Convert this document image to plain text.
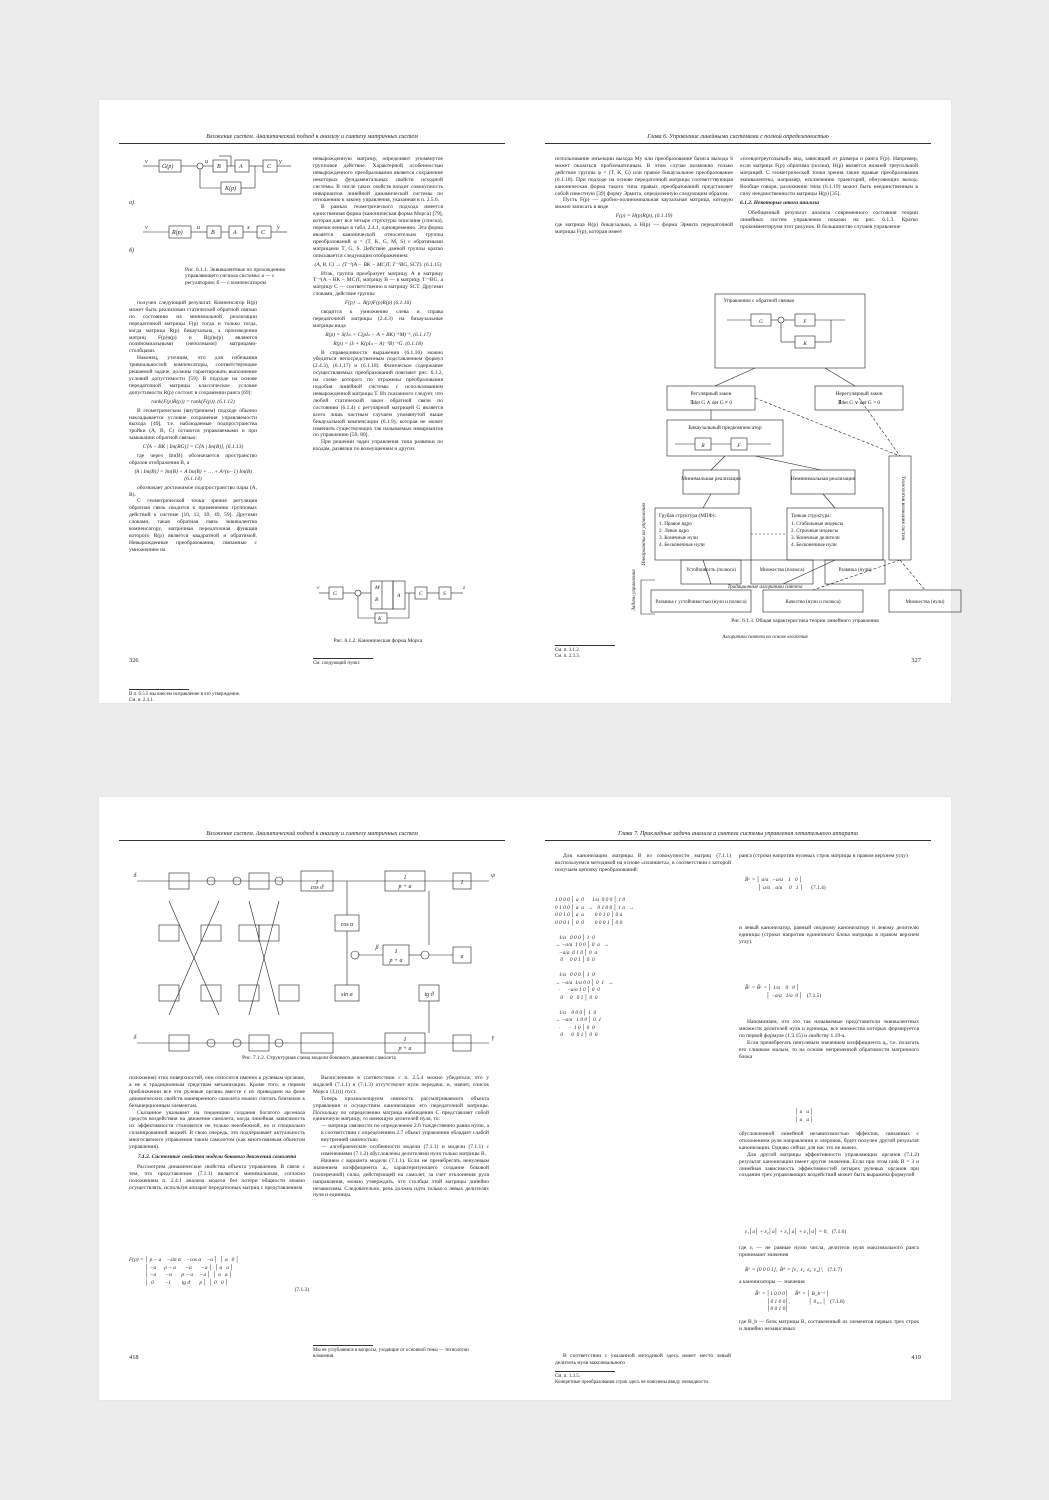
Вложение систем. Аналитический подход к анализу и синтезу матричных систем
v
G(p)	B	A	C
K(p)
y
u
а)
v
R(p)	B	A	C
u	x	y
б)
Рис. 6.1.1. Эквивалентные по прохождению управляющего сигнала системы: а — с регулятором; б — с компенсатором

получен следующий результат. Компенсатор R(p) может быть реализован статической обратной связью по состоянию на минимальной реализации передаточной матрицы F(p) тогда и только тогда, когда матрица R(p) бикаузальна, а произведения матриц F(p)u(p) и R(p)u(p) являются полиномиальными (неполными) матрицами-столбцами.

Наконец, уточним, что для избежания тривиальностей компенсаторы, соответствующие решаемой задаче, должны гарантировать выполнение условий допустимости [59]. В подходе на основе передаточной матрицы классическое условие допустимости R(p) состоит в сохранении ранга [69]:

rank(F(p)R(p)) = rank(F(p)). (6.1.12)

В геометрическом (внутреннем) подходе обычно накладывается условие сохранения управляемости выхода [49], т.е. наблюдаемые подпространства тройки (A, B, C) остаются управляемыми и при замыкании обратной связью:

C⟨A − BK | Im(BG)⟩ = C⟨A | Im(B)⟩, (6.1.13)

где через Im(B) обозначается пространство образов отображения B, а

⟨A | Im(B)⟩ = Im(B) + A Im(B) + … + A^(n−1) Im(B) (6.1.14)

обозначает достижимое подпространство пары (A, B).

С геометрической точки зрения регуляция обратная связь сводится к применению групповых действий к системе [10, 12, 39, 49, 59]. Другими словами, такая обратная связь эквивалентна компенсатору, матричная передаточная функция которого R(p) является квадратной и обратимой. Невырожденные преобразования, связанные с умножением на

В п. 6.5.5 мы внесем исправление в это утверждение.
См. п. 2.4.1.

невырожденную матрицу, определяют упомянутое групповое действие. Характерной особенностью невырожденного преобразования является сохранение некоторых фундаментальных свойств исходной системы. В числе таких свойств входит совокупность инвариантов линейной динамической системы по отношению к закону управления, указанная в п. 2.5.6.

В рамках геометрического подхода имеется единственная форма (каноническая форма Морса) [79], которая дает все четыре структуры описания (списка), перечисленные в табл. 2.4.1, одновременно. Эта форма является канонической относительно группы преобразований φ = (T, K, G, M, S) с обратимыми матрицами T, G, S. Действие данной группы кратко описывается следующим отображением:

(A, B, C) → (T⁻¹(A − BK − MC)T, T⁻¹BG, SCT). (6.1.15)

Итак, группа преобразует матрицу A в матрицу T⁻¹(A − BK − MC)T, матрицу B — в матрицу T⁻¹BG, а матрицу C — соответственно в матрицу SCT. Другими словами, действие группы

F(p) → R(p)F(p)R(p) (6.1.16)

сводится к умножению слева и справа передаточной матрицы (2.4.3) на бикаузальные матрицы вида

R(p) = S(Iₘ + C(pIₙ − A + BK)⁻¹M)⁻¹, (6.1.17)

R(p) = (Iₗ + K(pIₙ − A)⁻¹B)⁻¹G. (6.1.18)

В справедливости выражения (6.1.16) можно убедиться непосредственным подставлением формул (2.4.3), (6.1.17) и (6.1.18). Физическое содержание осуществляемых преобразований поясняет рис. 6.1.2, на схеме которого по отражены преобразования подобия линейной системы с использованием невырожденной матрицы T. Из сказанного следует, что любой статический закон обратной связи по состоянию (6.1.4) с регулярной матрицей G является всего лишь частным случаем упомянутой выше бикаузальной компенсации (6.1.9), которая не может изменить существующих так называемых инвариантов по управлению [59, 80].

При решении задач управления типа развязки по входам, развязки по возмущениям и других

G
M
B
A	C	S
K
v	z
Рис. 6.1.2. Каноническая форма Морса
См. следующий пункт.
326
Глава 6. Управление линейными системами с полной определенностью

использование инъекции выхода My или преобразование базиса выхода S может оказаться проблематичным. В этом случае возможно только действие группы φ = (T, K, G) или правое бикаузальное преобразование (6.1.18). При подходе на основе передаточной матрицы соответствующая каноническая форма такого типа правых преобразований представляет собой известную [39] форму Эрмита, определенную следующим образом.

Пусть F(p) — дробно-полиномиальная каузальная матрица, которую можно записать в виде

F(p) = H(p)R(p), (6.1.19)

где матрица R(p) бикаузальна, а H(p) — форма Эрмита передаточной матрицы F(p), которая имеет

«псевдотреугольный» вид, зависящий от размера и ранга F(p). Например, если матрица F(p) обратима (полна), H(p) является нижней треугольной матрицей. С геометрической точки зрения такие правые преобразования эквивалентны, например, исключению траекторий, обнуляющих выход. Вообще говоря, разложение типа (6.1.19) может быть неединственным в силу неединственности матрицы H(p) [35].

6.1.2. Некоторые итоги анализа

Обобщенный результат анализа современного состояния теории линейных систем управления показан на рис. 6.1.3. Кратко прокомментируем этот рисунок. В большинстве случаев управление

Управление с обратной связью
G	F
K
Регулярный закон
∃det G ∧ det G ≠ 0
Нерегулярный закон
∄det G ∨ det G = 0
Бикаузальный предкомпенсатор
R	F
Минимальная реализация	Неминимальная реализация
Грубая структура (МПФ):
1. Правое ядро
2. Левое ядро
3. Конечные нули
4. Бесконечные нули
Тонкая структура:
1. Стабильные индексы
2. Строчные индексы
3. Конечные делители
4. Бесконечные нули
Устойчивость (полюса)	Множества (полюса)	Развязка (нули)
Традиционные алгоритмы синтеза
Развязка с устойчивостью (нули и полюса)	Качество (нули и полюса)	Множества (нули)
Инварианты по управлению	Технология вложения систем
Задачи управления
Рис. 6.1.3. Общая характеристика теории линейного управления
Алгоритмы синтеза на основе вложения
См. п. 1.1.2.
См. п. 2.3.3.
327
Вложение систем. Аналитический подход к анализу и синтезу матричных систем
1
p + a
1
1
cos ϑ
1
p + a
cos α
sin α
1
p + a
tg ϑ
a
δ
δ
ψ
γ
β
Рис. 7.1.2. Структурная схема модели бокового движения самолета

положения) этих поверхностей, они относятся именно к рулевым органам, а не к традиционным средствам механизации. Кроме того, в первом приближении все эти рулевые органы вместе с их приводами на фоне динамических свойств маневренного самолета можно считать близкими к безынерционным элементам.

Сказанное указывает на тенденцию создания богатого арсенала средств воздействия на движение самолета, когда линейная зависимость их эффективности становится не только неизбежной, но и специально спланированной акцией. В свою очередь, это подчеркивает актуальность многосвязного управления таким самолетом (как многосвязным объектом управления).

7.1.2. Системные свойства модели бокового движения самолета

Рассмотрим динамические свойства объекта управления. В связи с тем, что представление (7.1.1) является минимальным, согласно положениям п. 2.4.1 анализа модели без потери общности можно осуществлять, используя аппарат передаточных матриц с представлением

F(p) = │ p − a    −sin α    −cos α    −a │  │ a   0 │
│ −a      p − a       −a       −a │  │ a   a │
│ −a       −a       p − a     −a │  │ a   a │
│  0        −1        tg ϑ       p │  │ 0   0 │
(7.1.3)

Вычислениям в соответствии с п. 2.5.4 можно убедиться, что у моделей (7.1.1) и (7.1.3) отсутствуют нули передачи, и, значит, список Морса {I₁(t)} пуст.

Теперь проанализируем связность рассматриваемого объекта управления и осуществим канонизацию его передаточной матрицы. Поскольку по определению матрица наблюдения C представляет собой единичную матрицу, то имеющую делителей нуля, то:

— матрица связности по определению 2.6 тождественно равна нулю, а в соответствии с определением 2.7 объект управления обладает слабой внутренней связностью;

— алгебраические особенности модели (7.1.1) и модели (7.1.1) с изменениями (7.1.2) обусловлены делителями нуля только матрицы B.

Начнем с варианта модели (7.1.1). Если не пренебрегать ненулевым значением коэффициента aᵧ, характеризующего создание боковой (поперечной) силы, действующей на самолет, за счет отклонения руля направления, можно утверждать, что столбцы этой матрицы линейно независимы. Следовательно, речь должна идти только о левых делителях нуля и единицы.

Мы не углубляемся в вопросы, уходящие от основной темы — технологии вложения.
418
Глава 7. Прикладные задачи анализа и синтеза системы управления летательного аппарата

Для канонизации матрицы B из совокупности матриц (7.1.1) воспользуемся методикой на основе «планшета», в соответствии с которой получаем цепочку преобразований:

1 0 0 0 │ a  0      1/a  0 0 0 │ 1 0
0 1 0 0 │ a  a   →   0 1 0 0 │ 1 a   →
0 0 1 0 │ a  a        0 0 1 0 │ 0 a
0 0 0 1 │ 0  0        0 0 0 1 │ 0 0

1/a   0 0 0 │ 1  0
→ −a/a  1 0 0 │ 0  a   →
−a/a  0 1 0 │ 0  a
0     0 0 1 │ 0  0

1/a   0 0 0 │ 1  0
→ −a/a  1/a 0 0 │ 0  1   →
·     −a/a 1 0 │ 0  0
0     0   0 1 │ 0  0

1/a    0 0 0 │ 1  0
→ −a/a   1 0 0 │ 0  1
·       ·  1 0 │ 0  0
0      0  0 1 │ 0  0

В соответствии с указанной методикой здесь имеет место левый делитель нуля максимального

См. п. 1.3.5.
Конкретные преобразования строк здесь не пояснены ввиду очевидности.

ранга (строки напротив нулевых строк матрицы в правом верхнем углу)

B̄ᴸ = │ a/a   −a/a    1   0 │
│ a/a    a/a     0   1 │      (7.1.4)

и левый канонизатор, равный сводному канонизатору и левому делителю единицы (строки напротив единичного блока матрицы в правом верхнем углу).

B̃ᴸ = B̃ᴸ = │ 1/a    0   0 │
│ −a/a   1/a  0 │   (7.1.5)

Напоминаем, что это так называемые представители эквивалентных множеств делителей нуля и единицы, все множество которых формируется по первой формуле (1.3.15) и свойству 1.19-а.

Если пренебрегать ненулевым значением коэффициента aᵧ, т.е. полагать его слишком малым, то на основе непременной обратимости матричного блока

│ a   a │
│ a   a │

обусловленной линейной независимостью эффектов, связанных с отклонением руля направления и элеронов, будет получен другой результат канонизации. Однако сейчас для нас это не важно.

Для другой матрицы эффективности управляющих органов (7.1.2) результат канонизации имеет другие значения. Если при этом rank B = 3 и линейная зависимость эффективностей четырех рулевых органов при создании трех управляющих воздействий может быть выражена формулой

ε₁│a│ + ε₂│a│ + ε₃│a│ + ε₄│a│ = 0,   (7.1.6)

где εᵢ — не равные нулю числа, делители нуля максимального ранга принимают значения

B̄ᴸ = [0 0 0 1],  B̄ᴿ = [ε₁  ε₂  ε₃  ε₄]ᵀ,   (7.1.7)

а канонизаторы — значения

B̃ᴸ = │1 0 0 0│     B̃ᴿ = │ B_b⁻¹ │
│0 1 0 0│,              │ 0₁ₓ₃ │   (7.1.8)
│0 0 1 0│

где B_b — блок матрицы B, составленный из элементов первых трех строк и линейно независимых

419
